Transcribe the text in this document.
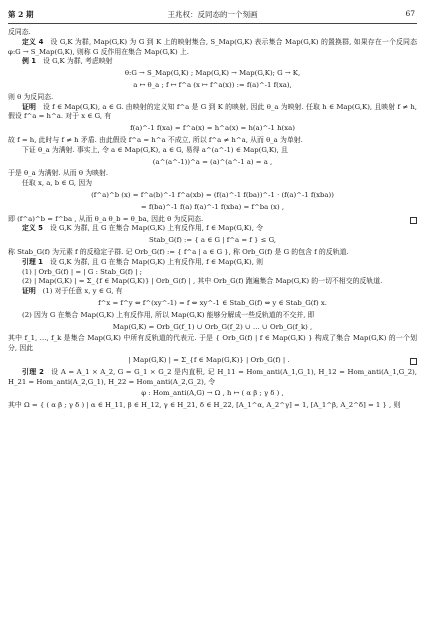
第 2 期	王兆权：反同态的一个刻画	67
反同态.
定义 4  设 G,K 为群, Map(G,K) 为 G 到 K 上的映射集合, S_Map(G,K) 表示集合 Map(G,K) 的置换群, 如果存在一个反同态 φ:G → S_Map(G,K), 则称 G 反作用在集合 Map(G,K) 上.
例 1  设 G,K 为群, 考虑映射
θ:G → S_Map(G,K) ; Map(G,K) → Map(G,K); G → K,
a ↦ θ_a ; f ↦ f^a (x ↦ f^a(x)) := f(a)^-1 f(xa),
则 θ 为反同态.
证明  设 f ∈ Map(G,K), a ∈ G. 由映射的定义知 f^a 是 G 到 K 的映射, 因此 θ_a 为映射. 任取 h ∈ Map(G,K), 且映射 f ≠ h, 假设 f^a = h^a. 对于 x ∈ G, 有
f(a)^-1 f(xa) = f^a(x) = h^a(x) = h(a)^-1 h(xa)
故 f = h, 此时与 f ≠ h 矛盾. 由此假设 f^a = h^a 不成立, 所以 f^a ≠ h^a, 从而 θ_a 为单射.
下证 θ_a 为满射. 事实上, 令 a ∈ Map(G,K), a ∈ G, 易得 a^(a^-1) ∈ Map(G,K), 且
(a^(a^-1))^a = (a)^(a^-1 a) = a ,
于是 θ_a 为满射. 从而 θ 为映射.
任取 x, a, b ∈ G, 因为
(f^a)^b (x) = f^a(b)^-1 f^a(xb) = (f(a)^-1 f(ba))^-1 · (f(a)^-1 f(xba))
= f(ba)^-1 f(a) f(a)^-1 f(xba) = f^ba (x) ,
即 (f^a)^b = f^ba , 从而 θ_a θ_b = θ_ba, 因此 θ 为反同态.
定义 5  设 G,K 为群, 且 G 在集合 Map(G,K) 上有反作用, f ∈ Map(G,K), 令
Stab_G(f) := { a ∈ G | f^a = f } ≤ G,
称 Stab_G(f) 为元素 f 的反稳定子群. 记 Orb_G(f) := { f^a | a ∈ G }, 称 Orb_G(f) 是 G 的包含 f 的反轨道.
引理 1  设 G,K 为群, 且 G 在集合 Map(G,K) 上有反作用, f ∈ Map(G,K), 则
(1) | Orb_G(f) | = | G : Stab_G(f) | ;
(2) | Map(G,K) | = Σ_{f ∈ Map(G,K)} | Orb_G(f) | , 其中 Orb_G(f) 跑遍集合 Map(G,K) 的一切不相交的反轨道.
证明  (1) 对于任意 x, y ∈ G, 有
f^x = f^y ⇔ f^(xy^-1) = f ⇔ xy^-1 ∈ Stab_G(f) ⇔ y ∈ Stab_G(f) x.
(2) 因为 G 在集合 Map(G,K) 上有反作用, 所以 Map(G,K) 能够分解成一些反轨道的不交并, 即
Map(G,K) = Orb_G(f_1) ∪ Orb_G(f_2) ∪ … ∪ Orb_G(f_k) ,
其中 f_1, …, f_k 是集合 Map(G,K) 中所有反轨道的代表元. 于是 { Orb_G(f) | f ∈ Map(G,K) } 构成了集合 Map(G,K) 的一个划分, 因此
| Map(G,K) | = Σ_{f ∈ Map(G,K)} | Orb_G(f) | .
引理 2  设 A = A_1 × A_2, G = G_1 × G_2 是内直积, 记 H_11 = Hom_anti(A_1,G_1), H_12 = Hom_anti(A_1,G_2), H_21 = Hom_anti(A_2,G_1), H_22 = Hom_anti(A_2,G_2), 令
φ : Hom_anti(A,G) → Ω , h ↦ ( α β ; γ δ ) ,
其中 Ω = { ( α β ; γ δ ) | α ∈ H_11, β ∈ H_12, γ ∈ H_21, δ ∈ H_22, [A_1^α, A_2^γ] = 1, [A_1^β, A_2^δ] = 1 } , 则
